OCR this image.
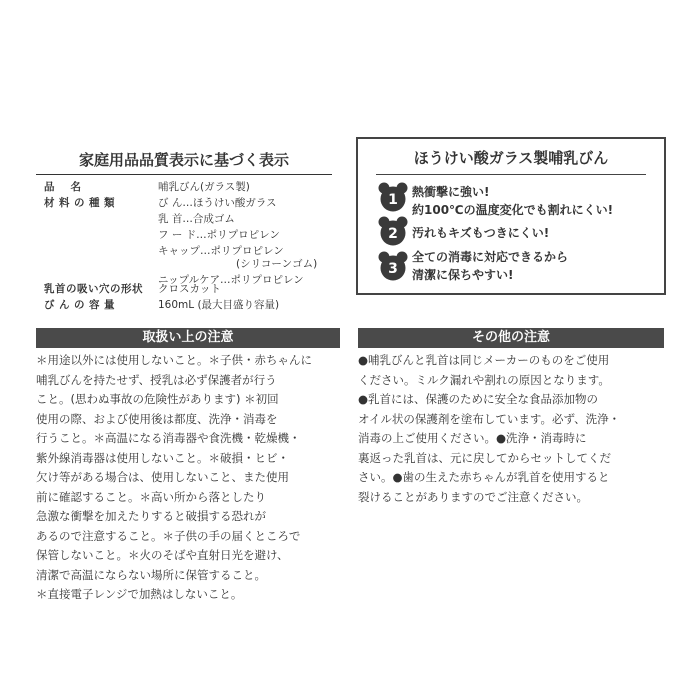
家庭用品品質表示に基づく表示
品名	哺乳びん(ガラス製)
材料の種類	び ん…ほうけい酸ガラス
乳 首…合成ゴム
フ ー ド…ポリプロピレン
キャップ…ポリプロピレン
(シリコーンゴム)
ニップルケア…ポリプロピレン
乳首の吸い穴の形状	クロスカット
びんの容量	160mL (最大目盛り容量)
ほうけい酸ガラス製哺乳びん
1 熱衝撃に強い!
約100℃の温度変化でも割れにくい!
2 汚れもキズもつきにくい!
3
全ての消毒に対応できるから
清潔に保ちやすい!
取扱い上の注意
＊用途以外には使用しないこと。＊子供・赤ちゃんに
哺乳びんを持たせず、授乳は必ず保護者が行う
こと。(思わぬ事故の危険性があります) ＊初回
使用の際、および使用後は都度、洗浄・消毒を
行うこと。＊高温になる消毒器や食洗機・乾燥機・
紫外線消毒器は使用しないこと。＊破損・ヒビ・
欠け等がある場合は、使用しないこと、また使用
前に確認すること。＊高い所から落としたり
急激な衝撃を加えたりすると破損する恐れが
あるので注意すること。＊子供の手の届くところで
保管しないこと。＊火のそばや直射日光を避け、
清潔で高温にならない場所に保管すること。
＊直接電子レンジで加熱はしないこと。
その他の注意
●哺乳びんと乳首は同じメーカーのものをご使用
ください。ミルク漏れや割れの原因となります。
●乳首には、保護のために安全な食品添加物の
オイル状の保護剤を塗布しています。必ず、洗浄・
消毒の上ご使用ください。●洗浄・消毒時に
裏返った乳首は、元に戻してからセットしてくだ
さい。●歯の生えた赤ちゃんが乳首を使用すると
裂けることがありますのでご注意ください。
